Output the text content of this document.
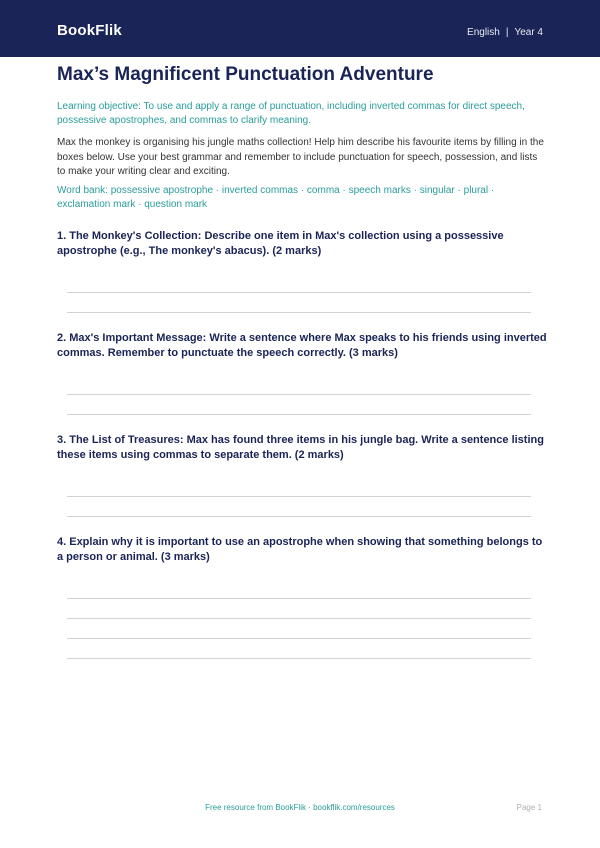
BookFlik	English | Year 4
Max’s Magnificent Punctuation Adventure

Learning objective: To use and apply a range of punctuation, including inverted commas for direct speech, possessive apostrophes, and commas to clarify meaning.

Max the monkey is organising his jungle maths collection! Help him describe his favourite items by filling in the boxes below. Use your best grammar and remember to include punctuation for speech, possession, and lists to make your writing clear and exciting.

Word bank: possessive apostrophe · inverted commas · comma · speech marks · singular · plural · exclamation mark · question mark

1. The Monkey's Collection: Describe one item in Max's collection using a possessive apostrophe (e.g., The monkey's abacus). (2 marks)

2. Max's Important Message: Write a sentence where Max speaks to his friends using inverted commas. Remember to punctuate the speech correctly. (3 marks)

3. The List of Treasures: Max has found three items in his jungle bag. Write a sentence listing these items using commas to separate them. (2 marks)

4. Explain why it is important to use an apostrophe when showing that something belongs to a person or animal. (3 marks)

Free resource from BookFlik · bookflik.com/resources	Page 1
